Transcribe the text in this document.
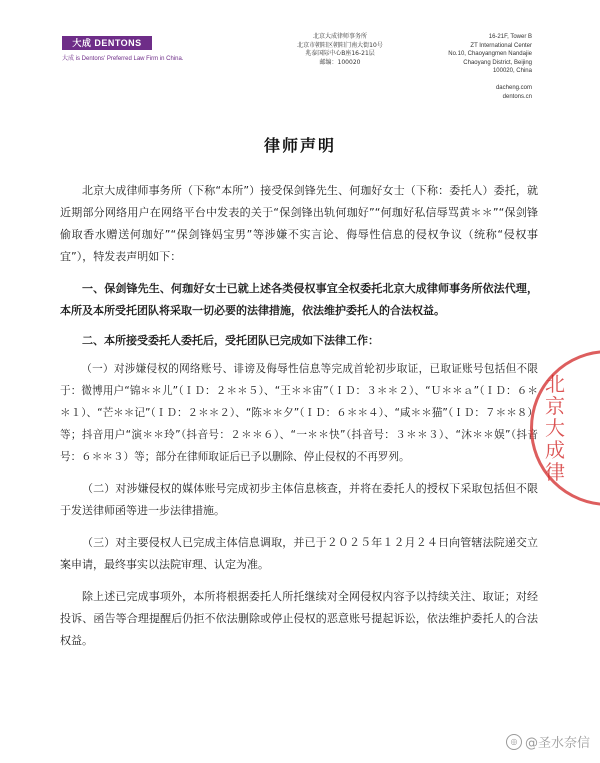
大成 DENTONS
大成 is Dentons' Preferred Law Firm in China.
北京大成律师事务所
北京市朝阳区朝阳门南大街10号
兆泰国际中心B座16-21层
邮编：100020
16-21F, Tower B
ZT International Center
No.10, Chaoyangmen Nandajie
Chaoyang District, Beijing
100020, China
dacheng.com
dentons.cn
律师声明

北京大成律师事务所（下称“本所”）接受保剑锋先生、何珈好女士（下称：委托人）委托，就近期部分网络用户在网络平台中发表的关于“保剑锋出轨何珈好”“何珈好私信辱骂黄＊＊”“保剑锋偷取香水赠送何珈好”“保剑锋妈宝男”等涉嫌不实言论、侮辱性信息的侵权争议（统称“侵权事宜”），特发表声明如下：

一、保剑锋先生、何珈好女士已就上述各类侵权事宜全权委托北京大成律师事务所依法代理，本所及本所受托团队将采取一切必要的法律措施，依法维护委托人的合法权益。

二、本所接受委托人委托后，受托团队已完成如下法律工作：

（一）对涉嫌侵权的网络账号、诽谤及侮辱性信息等完成首轮初步取证，已取证账号包括但不限于：微博用户“锦＊＊儿”（ＩＤ：２＊＊５）、“王＊＊宙”（ＩＤ：３＊＊２）、“Ｕ＊＊ａ”（ＩＤ：６＊＊１）、“芒＊＊记”（ＩＤ：２＊＊２）、“陈＊＊夕”（ＩＤ：６＊＊４）、“咸＊＊猫”（ＩＤ：７＊＊８）等；抖音用户“演＊＊玲”（抖音号：２＊＊６）、“一＊＊快”（抖音号：３＊＊３）、“沐＊＊娱”（抖音号：６＊＊３）等；部分在律师取证后已予以删除、停止侵权的不再罗列。

（二）对涉嫌侵权的媒体账号完成初步主体信息核查，并将在委托人的授权下采取包括但不限于发送律师函等进一步法律措施。

（三）对主要侵权人已完成主体信息调取，并已于２０２５年１２月２４日向管辖法院递交立案申请，最终事实以法院审理、认定为准。

除上述已完成事项外，本所将根据委托人所托继续对全网侵权内容予以持续关注、取证；对经投诉、函告等合理提醒后仍拒不依法删除或停止侵权的恶意账号提起诉讼，依法维护委托人的合法权益。

北京大成律
◎ @圣水奈信
